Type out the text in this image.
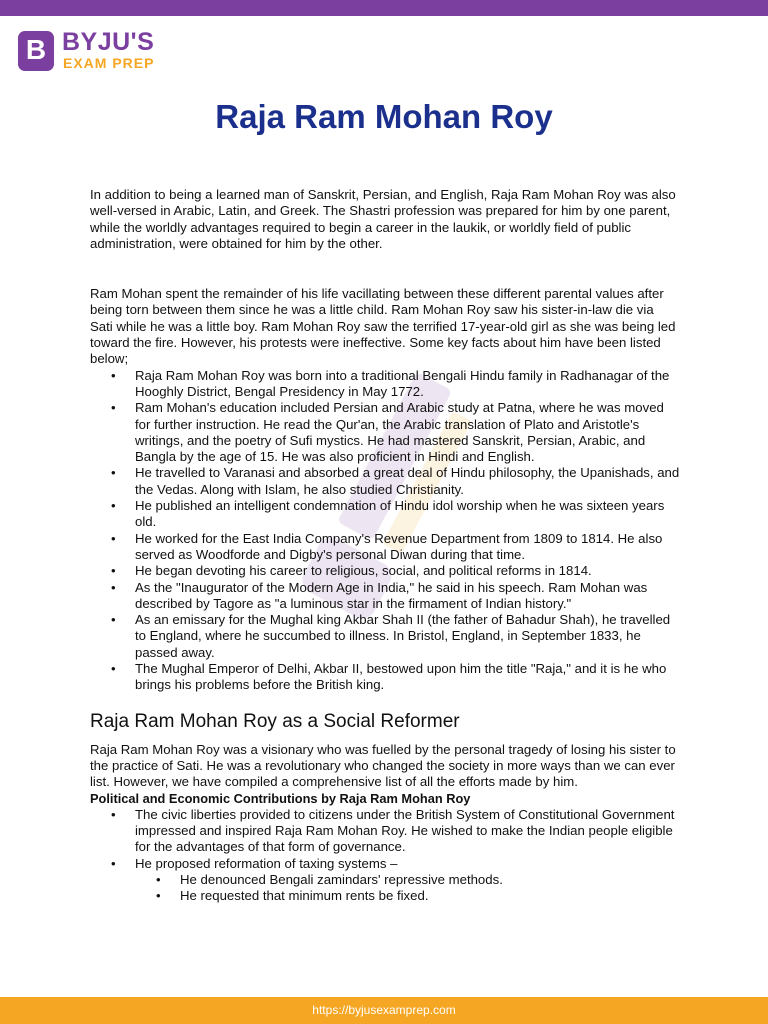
B BYJU'S
EXAM PREP
Raja Ram Mohan Roy

In addition to being a learned man of Sanskrit, Persian, and English, Raja Ram Mohan Roy was also well-versed in Arabic, Latin, and Greek. The Shastri profession was prepared for him by one parent, while the worldly advantages required to begin a career in the laukik, or worldly field of public administration, were obtained for him by the other.

Ram Mohan spent the remainder of his life vacillating between these different parental values after being torn between them since he was a little child. Ram Mohan Roy saw his sister-in-law die via Sati while he was a little boy. Ram Mohan Roy saw the terrified 17-year-old girl as she was being led toward the fire. However, his protests were ineffective. Some key facts about him have been listed below;

• Raja Ram Mohan Roy was born into a traditional Bengali Hindu family in Radhanagar of the Hooghly District, Bengal Presidency in May 1772.
• Ram Mohan's education included Persian and Arabic study at Patna, where he was moved for further instruction. He read the Qur'an, the Arabic translation of Plato and Aristotle's writings, and the poetry of Sufi mystics. He had mastered Sanskrit, Persian, Arabic, and Bangla by the age of 15. He was also proficient in Hindi and English.
• He travelled to Varanasi and absorbed a great deal of Hindu philosophy, the Upanishads, and the Vedas. Along with Islam, he also studied Christianity.
• He published an intelligent condemnation of Hindu idol worship when he was sixteen years old.
• He worked for the East India Company's Revenue Department from 1809 to 1814. He also served as Woodforde and Digby's personal Diwan during that time.
• He began devoting his career to religious, social, and political reforms in 1814.
• As the "Inaugurator of the Modern Age in India," he said in his speech. Ram Mohan was described by Tagore as "a luminous star in the firmament of Indian history."
• As an emissary for the Mughal king Akbar Shah II (the father of Bahadur Shah), he travelled to England, where he succumbed to illness. In Bristol, England, in September 1833, he passed away.
• The Mughal Emperor of Delhi, Akbar II, bestowed upon him the title "Raja," and it is he who brings his problems before the British king.
Raja Ram Mohan Roy as a Social Reformer

Raja Ram Mohan Roy was a visionary who was fuelled by the personal tragedy of losing his sister to the practice of Sati. He was a revolutionary who changed the society in more ways than we can ever list. However, we have compiled a comprehensive list of all the efforts made by him.

Political and Economic Contributions by Raja Ram Mohan Roy

• The civic liberties provided to citizens under the British System of Constitutional Government impressed and inspired Raja Ram Mohan Roy. He wished to make the Indian people eligible for the advantages of that form of governance.
• He proposed reformation of taxing systems –
• He denounced Bengali zamindars' repressive methods.
• He requested that minimum rents be fixed.
https://byjusexamprep.com
